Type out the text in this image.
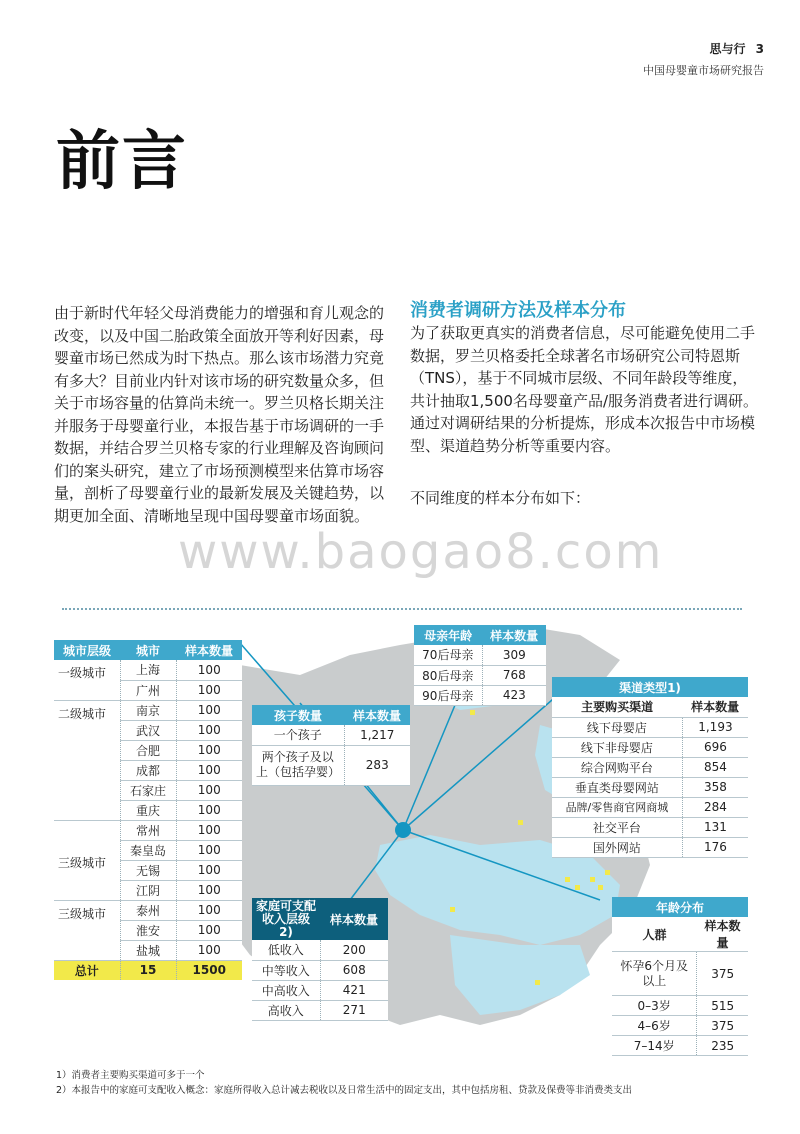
思与行 3
中国母婴童市场研究报告
前言

由于新时代年轻父母消费能力的增强和育儿观念的改变，以及中国二胎政策全面放开等利好因素，母婴童市场已然成为时下热点。那么该市场潜力究竟有多大？目前业内针对该市场的研究数量众多，但关于市场容量的估算尚未统一。罗兰贝格长期关注并服务于母婴童行业，本报告基于市场调研的一手数据，并结合罗兰贝格专家的行业理解及咨询顾问们的案头研究，建立了市场预测模型来估算市场容量，剖析了母婴童行业的最新发展及关键趋势，以期更加全面、清晰地呈现中国母婴童市场面貌。

消费者调研方法及样本分布

为了获取更真实的消费者信息，尽可能避免使用二手数据，罗兰贝格委托全球著名市场研究公司特恩斯（TNS），基于不同城市层级、不同年龄段等维度，共计抽取1,500名母婴童产品/服务消费者进行调研。通过对调研结果的分析提炼，形成本次报告中市场模型、渠道趋势分析等重要内容。

不同维度的样本分布如下：

www.baogao8.com
城市层级	城市	样本数量
一级城市	上海	100
	广州	100
二级城市	南京	100
	武汉	100
	合肥	100
	成都	100
	石家庄	100
	重庆	100
三级城市	常州	100
	秦皇岛	100
	无锡	100
	江阴	100
三级城市	泰州	100
	淮安	100
	盐城	100
总计	15	1500
母亲年龄	样本数量
70后母亲	309
80后母亲	768
90后母亲	423
孩子数量	样本数量
一个孩子	1,217
两个孩子及以上（包括孕婴）	283
渠道类型1)	
主要购买渠道	样本数量
线下母婴店	1,193
线下非母婴店	696
综合网购平台	854
垂直类母婴网站	358
品牌/零售商官网商城	284
社交平台	131
国外网站	176
家庭可支配收入层级2)	样本数量
低收入	200
中等收入	608
中高收入	421
高收入	271
年龄分布	
人群	样本数量
怀孕6个月及以上	375
0–3岁	515
4–6岁	375
7–14岁	235
1）消费者主要购买渠道可多于一个
2）本报告中的家庭可支配收入概念：家庭所得收入总计减去税收以及日常生活中的固定支出，其中包括房租、贷款及保费等非消费类支出
